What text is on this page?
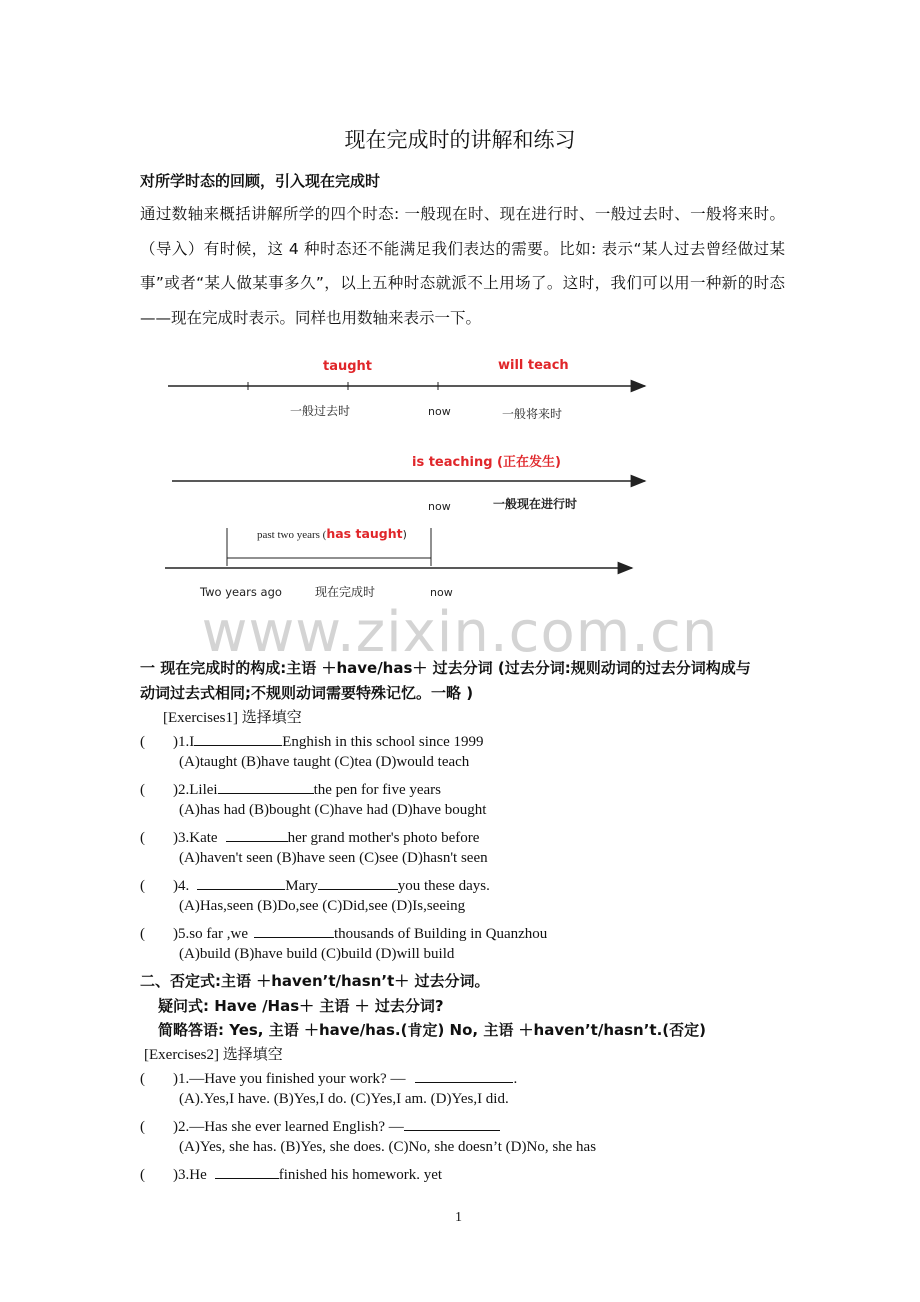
现在完成时的讲解和练习
对所学时态的回顾，引入现在完成时
通过数轴来概括讲解所学的四个时态: 一般现在时、现在进行时、一般过去时、一般将来时。（导入）有时候，这 4 种时态还不能满足我们表达的需要。比如: 表示“某人过去曾经做过某事”或者“某人做某事多久”，以上五种时态就派不上用场了。这时，我们可以用一种新的时态——现在完成时表示。同样也用数轴来表示一下。
taught	will teach
一般过去时	now	一般将来时
is teaching (正在发生)
now	一般现在进行时
past two years (has taught)
Two years ago	现在完成时	now
www.zixin.com.cn
一 现在完成时的构成:主语 ＋have/has＋ 过去分词 (过去分词:规则动词的过去分词构成与
动词过去式相同;不规则动词需要特殊记忆。一略 )
[Exercises1] 选择填空
( )1.I	Enghish in this school since 1999
(A)taught (B)have taught (C)tea (D)would teach
( )2.Lilei	the pen for five years
(A)has had (B)bought (C)have had (D)have bought
( )3.Kate	her grand mother's photo before
(A)haven't seen (B)have seen (C)see (D)hasn't seen
( )4.	Mary	you these days.
(A)Has,seen (B)Do,see (C)Did,see (D)Is,seeing
( )5.so far ,we	thousands of Building in Quanzhou
(A)build (B)have build (C)build (D)will build
二、否定式:主语 ＋haven’t/hasn’t＋ 过去分词。
疑问式: Have /Has＋ 主语 ＋ 过去分词?
简略答语: Yes, 主语 ＋have/has.(肯定) No, 主语 ＋haven’t/hasn’t.(否定)
[Exercises2] 选择填空
( )1.—Have you finished your work? —	.
(A).Yes,I have. (B)Yes,I do. (C)Yes,I am. (D)Yes,I did.
( )2.—Has she ever learned English? —
(A)Yes, she has. (B)Yes, she does. (C)No, she doesn’t (D)No, she has
( )3.He	finished his homework. yet
1
